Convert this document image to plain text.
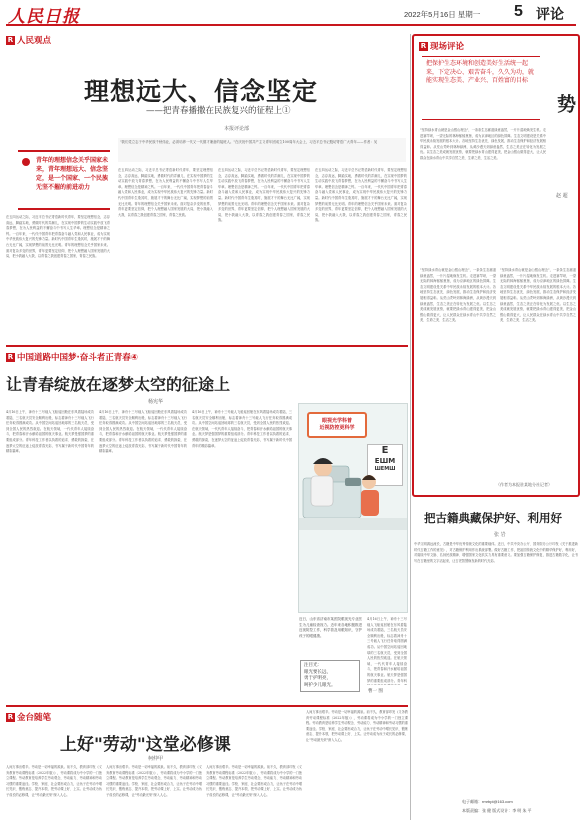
人民日报	2022年5月16日 星期一 5 评论
R 人民观点
理想远大、信念坚定
——把青春播撒在民族复兴的征程上①
本报评论部
青年的理想信念关乎国家未来，青年理想远大、信念坚定，是一个国家、一个民族无坚不摧的前进动力
"我们党立志于中华民族千秋伟业，必须培养一代又一代德才兼备的接班人。"在庆祝中国共产主义青年团成立100周年大会上，习近平总书记殷切寄语广大青年——作者：吴
在五四运动之际，习近平总书记寄语新时代青年，要坚定理想信念，志存高远，脚踏实地，勇做时代的弄潮儿，在实现中国梦的生动实践中放飞青春梦想，在为人民利益的不懈奋斗中书写人生华章。理想信念是精神之钙。一百年来，一代代中国青年把青春奋斗融入党和人民事业，成为实现中华民族伟大复兴的先锋力量。新时代中国青年生逢其时，施展才干的舞台无比广阔，实现梦想的前景无比光明。青年的理想信念关乎国家未来。面对复杂多变的世界，青年更要坚定信仰，把个人理想融入国家发展的大局，把小我融入大我，以青春之我创建青春之国家，青春之民族。
在五四运动之际，习近平总书记寄语新时代青年，要坚定理想信念，志存高远，脚踏实地，勇做时代的弄潮儿，在实现中国梦的生动实践中放飞青春梦想，在为人民利益的不懈奋斗中书写人生华章。理想信念是精神之钙。一百年来，一代代中国青年把青春奋斗融入党和人民事业，成为实现中华民族伟大复兴的先锋力量。新时代中国青年生逢其时，施展才干的舞台无比广阔，实现梦想的前景无比光明。青年的理想信念关乎国家未来。面对复杂多变的世界，青年更要坚定信仰，把个人理想融入国家发展的大局，把小我融入大我，以青春之我创建青春之国家，青春之民族。
在五四运动之际，习近平总书记寄语新时代青年，要坚定理想信念，志存高远，脚踏实地，勇做时代的弄潮儿，在实现中国梦的生动实践中放飞青春梦想，在为人民利益的不懈奋斗中书写人生华章。理想信念是精神之钙。一百年来，一代代中国青年把青春奋斗融入党和人民事业，成为实现中华民族伟大复兴的先锋力量。新时代中国青年生逢其时，施展才干的舞台无比广阔，实现梦想的前景无比光明。青年的理想信念关乎国家未来。面对复杂多变的世界，青年更要坚定信仰，把个人理想融入国家发展的大局，把小我融入大我，以青春之我创建青春之国家，青春之民族。
在五四运动之际，习近平总书记寄语新时代青年，要坚定理想信念，志存高远，脚踏实地，勇做时代的弄潮儿，在实现中国梦的生动实践中放飞青春梦想，在为人民利益的不懈奋斗中书写人生华章。理想信念是精神之钙。一百年来，一代代中国青年把青春奋斗融入党和人民事业，成为实现中华民族伟大复兴的先锋力量。新时代中国青年生逢其时，施展才干的舞台无比广阔，实现梦想的前景无比光明。青年的理想信念关乎国家未来。面对复杂多变的世界，青年更要坚定信仰，把个人理想融入国家发展的大局，把小我融入大我，以青春之我创建青春之国家，青春之民族。
R 中国道路中国梦·奋斗者正青春④
让青春绽放在逐梦太空的征途上
杨宪华
4月16日上午，神舟十三号载人飞船返回舱在东风着陆场成功着陆，三名航天员安全顺利出舱，标志着神舟十三号载人飞行任务取得圆满成功。从中国空间站返回地球的三名航天员，受到全国人民的热烈欢迎。在航天领域，一代代青年人接续奋斗，把青春和汗水献给祖国的航天事业。航天梦是强国梦的重要组成部分。青年科技工作者以执着的追求、勇敢的探索，在逐梦太空的征途上绽放青春光彩，书写属于新时代中国青年的精彩篇章。
4月16日上午，神舟十三号载人飞船返回舱在东风着陆场成功着陆，三名航天员安全顺利出舱，标志着神舟十三号载人飞行任务取得圆满成功。从中国空间站返回地球的三名航天员，受到全国人民的热烈欢迎。在航天领域，一代代青年人接续奋斗，把青春和汗水献给祖国的航天事业。航天梦是强国梦的重要组成部分。青年科技工作者以执着的追求、勇敢的探索，在逐梦太空的征途上绽放青春光彩，书写属于新时代中国青年的精彩篇章。
4月16日上午，神舟十三号载人飞船返回舱在东风着陆场成功着陆，三名航天员安全顺利出舱，标志着神舟十三号载人飞行任务取得圆满成功。从中国空间站返回地球的三名航天员，受到全国人民的热烈欢迎。在航天领域，一代代青年人接续奋斗，把青春和汗水献给祖国的航天事业。航天梦是强国梦的重要组成部分。青年科技工作者以执着的追求、勇敢的探索，在逐梦太空的征途上绽放青春光彩，书写属于新时代中国青年的精彩篇章。
眼视光学科普
近视防控更科学
E
ЕШМ
ШЕМШ
近日，山东省济南市某医院眼视光专业医生为儿童检查视力。近年来各地积极推进近视防控工作，科学普及用眼知识，守护孩子的眼健康。
注目光：
眼光要长远，
勇于护明亮，
呵护少儿眼光。
曹一 图
4月16日上午，神舟十三号载人飞船返回舱在东风着陆场成功着陆，三名航天员安全顺利出舱，标志着神舟十三号载人飞行任务取得圆满成功。从中国空间站返回地球的三名航天员，受到全国人民的热烈欢迎。在航天领域，一代代青年人接续奋斗，把青春和汗水献给祖国的航天事业。航天梦是强国梦的重要组成部分。青年科
R 金台随笔
上好"劳动"这堂必修课
柯仲甲
人间万事出艰辛。劳动是一切幸福的源泉。前不久，教育部印发《义务教育劳动课程标准（2022年版）》，劳动课将成为中小学的一门独立课程。劳动教育是培养学生劳动观念、劳动能力、劳动精神和劳动习惯的重要途径。学校、家庭、社会要形成合力，让孩子在劳动中增长见识、锻炼意志、提升本领，把劳动课上好、上实。让劳动成为孩子成长的必修课，让"劳动最光荣"深入人心。
人间万事出艰辛。劳动是一切幸福的源泉。前不久，教育部印发《义务教育劳动课程标准（2022年版）》，劳动课将成为中小学的一门独立课程。劳动教育是培养学生劳动观念、劳动能力、劳动精神和劳动习惯的重要途径。学校、家庭、社会要形成合力，让孩子在劳动中增长见识、锻炼意志、提升本领，把劳动课上好、上实。让劳动成为孩子成长的必修课，让"劳动最光荣"深入人心。
人间万事出艰辛。劳动是一切幸福的源泉。前不久，教育部印发《义务教育劳动课程标准（2022年版）》，劳动课将成为中小学的一门独立课程。劳动教育是培养学生劳动观念、劳动能力、劳动精神和劳动习惯的重要途径。学校、家庭、社会要形成合力，让孩子在劳动中增长见识、锻炼意志、提升本领，把劳动课上好、上实。让劳动成为孩子成长的必修课，让"劳动最光荣"深入人心。
人间万事出艰辛。劳动是一切幸福的源泉。前不久，教育部印发《义务教育劳动课程标准（2022年版）》，劳动课将成为中小学的一门独立课程。劳动教育是培养学生劳动观念、劳动能力、劳动精神和劳动习惯的重要途径。学校、家庭、社会要形成合力，让孩子在劳动中增长见识、锻炼意志、提升本领，把劳动课上好、上实。让劳动成为孩子成长的必修课，让"劳动最光荣"深入人心。
R 现场评论
把保护生态环境和创造美好生活统一起来，下定决心、艰苦奋斗，久久为功，就能实现生态美、产业兴、百姓富的目标
势
赵 超
"坚持绿水青山就是金山银山理念"，一条条生态廊道绿意盎然，一片片湿地焕发生机。走进塞罕坝，一望无际的林海郁郁葱葱，成为京津地区的绿色屏障。生态文明建设是关系中华民族永续发展的根本大计。各地坚持生态优先、绿色发展，推动生态保护和经济发展相得益彰。从荒山秃岭到林海绿洲，从黄沙漫天到绿意盎然，生态之美正在转化为发展之优。以生态之美成就发展优势，就要把绿水青山建得更美，把金山银山做得更大，让人民群众在绿水青山中共享自然之美、生命之美、生活之美。
"坚持绿水青山就是金山银山理念"，一条条生态廊道绿意盎然，一片片湿地焕发生机。走进塞罕坝，一望无际的林海郁郁葱葱，成为京津地区的绿色屏障。生态文明建设是关系中华民族永续发展的根本大计。各地坚持生态优先、绿色发展，推动生态保护和经济发展相得益彰。从荒山秃岭到林海绿洲，从黄沙漫天到绿意盎然，生态之美正在转化为发展之优。以生态之美成就发展优势，就要把绿水青山建得更美，把金山银山做得更大，让人民群众在绿水青山中共享自然之美、生命之美、生活之美。
"坚持绿水青山就是金山银山理念"，一条条生态廊道绿意盎然，一片片湿地焕发生机。走进塞罕坝，一望无际的林海郁郁葱葱，成为京津地区的绿色屏障。生态文明建设是关系中华民族永续发展的根本大计。各地坚持生态优先、绿色发展，推动生态保护和经济发展相得益彰。从荒山秃岭到林海绿洲，从黄沙漫天到绿意盎然，生态之美正在转化为发展之优。以生态之美成就发展优势，就要把绿水青山建得更美，把金山银山做得更大，让人民群众在绿水青山中共享自然之美、生命之美、生活之美。
（作者为本报驻某地分社记者）
把古籍典藏保护好、利用好
张 岩
中华文明源远流长，古籍是中华优秀传统文化的重要载体。近日，中共中央办公厅、国务院办公厅印发《关于推进新时代古籍工作的意见》，对古籍保护利用作出系统部署。做好古籍工作，把祖国传统文化中的精华保护好，利用好，对赓续中华文脉、弘扬民族精神、增强国家文化软实力具有重要意义。要加强古籍保护修复，推进古籍数字化，让书写在古籍里的文字活起来，让古老智慧焕发新的时代光彩。
电子邮箱：rmrbpl@163.com
本版责编：张 健 版式设计：李 明 朱 平
